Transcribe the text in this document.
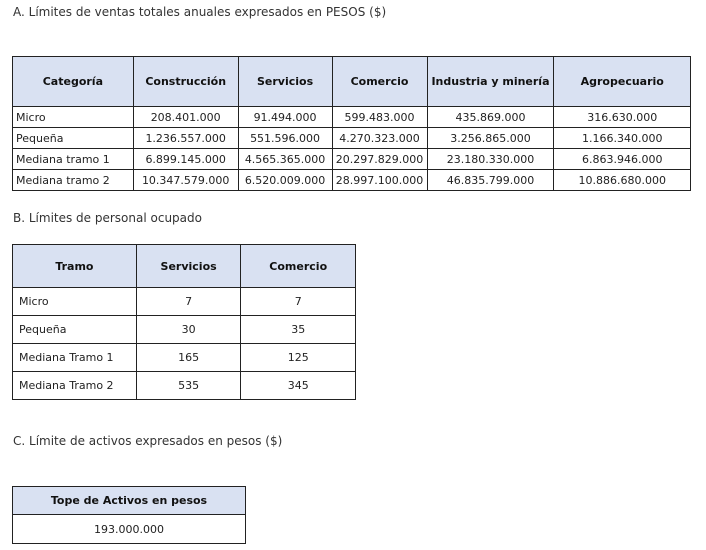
A. Límites de ventas totales anuales expresados en PESOS ($)

Categoría	Construcción	Servicios	Comercio	Industria y minería	Agropecuario
Micro	208.401.000	91.494.000	599.483.000	435.869.000	316.630.000
Pequeña	1.236.557.000	551.596.000	4.270.323.000	3.256.865.000	1.166.340.000
Mediana tramo 1	6.899.145.000	4.565.365.000	20.297.829.000	23.180.330.000	6.863.946.000
Mediana tramo 2	10.347.579.000	6.520.009.000	28.997.100.000	46.835.799.000	10.886.680.000

B. Límites de personal ocupado

Tramo	Servicios	Comercio
Micro	7	7
Pequeña	30	35
Mediana Tramo 1	165	125
Mediana Tramo 2	535	345

C. Límite de activos expresados en pesos ($)

Tope de Activos en pesos
193.000.000
